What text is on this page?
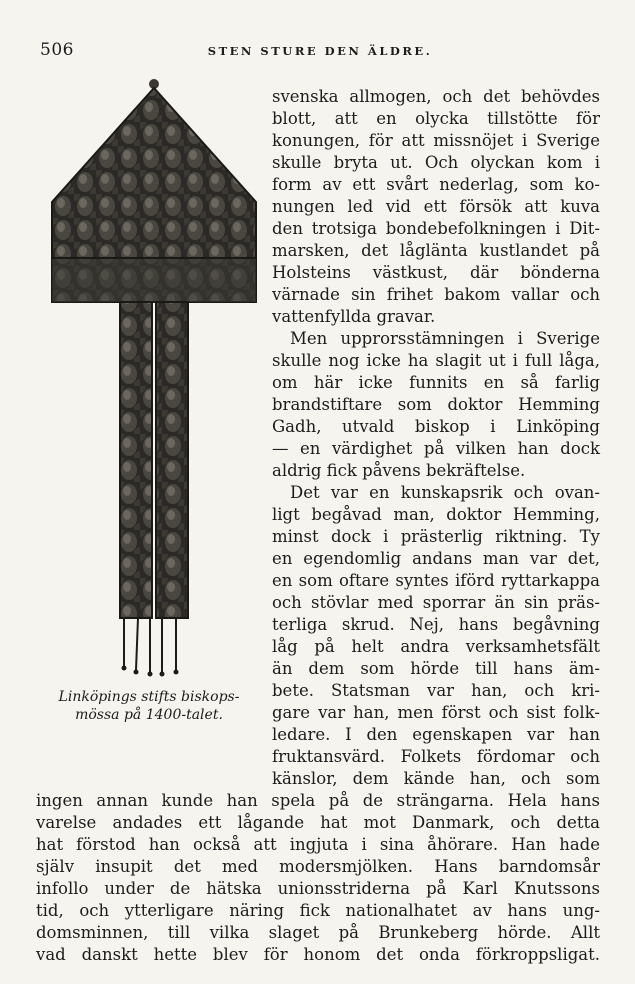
506	STEN STURE DEN ÄLDRE.
Linköpings stifts biskops-
mössa på 1400-talet.
svenska allmogen, och det behövdes
blott, att en olycka tillstötte för
konungen, för att missnöjet i Sverige
skulle bryta ut. Och olyckan kom i
form av ett svårt nederlag, som ko-
nungen led vid ett försök att kuva
den trotsiga bondebefolkningen i Dit-
marsken, det låglänta kustlandet på
Holsteins västkust, där bönderna
värnade sin frihet bakom vallar och
vattenfyllda gravar.
Men upprorsstämningen i Sverige
skulle nog icke ha slagit ut i full låga,
om här icke funnits en så farlig
brandstiftare som doktor Hemming
Gadh, utvald biskop i Linköping
— en värdighet på vilken han dock
aldrig fick påvens bekräftelse.
Det var en kunskapsrik och ovan-
ligt begåvad man, doktor Hemming,
minst dock i prästerlig riktning. Ty
en egendomlig andans man var det,
en som oftare syntes iförd ryttarkappa
och stövlar med sporrar än sin präs-
terliga skrud. Nej, hans begåvning
låg på helt andra verksamhetsfält
än dem som hörde till hans äm-
bete. Statsman var han, och kri-
gare var han, men först och sist folk-
ledare. I den egenskapen var han
fruktansvärd. Folkets fördomar och
känslor, dem kände han, och som
ingen annan kunde han spela på de strängarna. Hela hans
varelse andades ett lågande hat mot Danmark, och detta
hat förstod han också att ingjuta i sina åhörare. Han hade
själv insupit det med modersmjölken. Hans barndomsår
infollo under de hätska unionsstriderna på Karl Knutssons
tid, och ytterligare näring fick nationalhatet av hans ung-
domsminnen, till vilka slaget på Brunkeberg hörde. Allt
vad danskt hette blev för honom det onda förkroppsligat.
